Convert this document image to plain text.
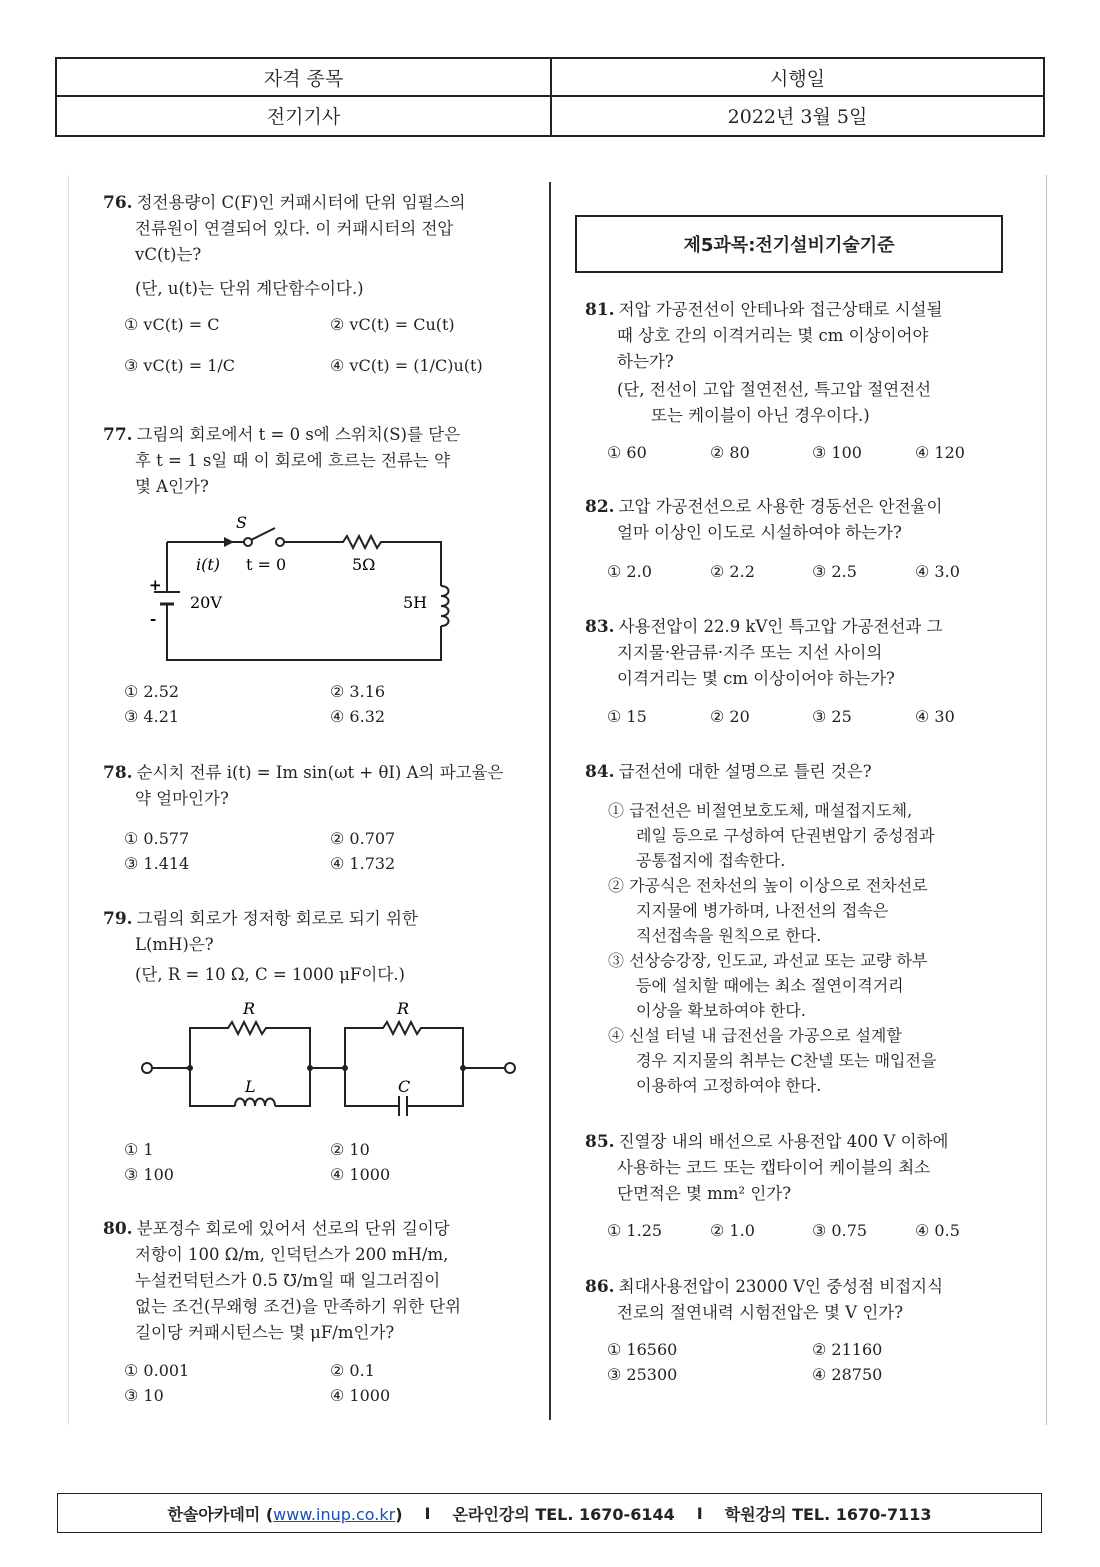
자격 종목	시행일
전기기사	2022년 3월 5일
76. 정전용량이 C(F)인 커패시터에 단위 임펄스의
전류원이 연결되어 있다. 이 커패시터의 전압
vC(t)는?
(단, u(t)는 단위 계단함수이다.)
① vC(t) = C	② vC(t) = Cu(t)
③ vC(t) = 1/C	④ vC(t) = (1/C)u(t)
77. 그림의 회로에서 t = 0 s에 스위치(S)를 닫은
후 t = 1 s일 때 이 회로에 흐르는 전류는 약
몇 A인가?
S
i(t) t = 0	5Ω
20V	5H
+
-
① 2.52	② 3.16
③ 4.21	④ 6.32
78. 순시치 전류 i(t) = Im sin(ωt + θI) A의 파고율은
약 얼마인가?
① 0.577	② 0.707
③ 1.414	④ 1.732
79. 그림의 회로가 정저항 회로로 되기 위한
L(mH)은?
(단, R = 10 Ω, C = 1000 μF이다.)
R	R
L	C
① 1	② 10
③ 100	④ 1000
80. 분포정수 회로에 있어서 선로의 단위 길이당
저항이 100 Ω/m, 인덕턴스가 200 mH/m,
누설컨덕턴스가 0.5 ℧/m일 때 일그러짐이
없는 조건(무왜형 조건)을 만족하기 위한 단위
길이당 커패시턴스는 몇 μF/m인가?
① 0.001	② 0.1
③ 10	④ 1000
제5과목:전기설비기술기준
81. 저압 가공전선이 안테나와 접근상태로 시설될
때 상호 간의 이격거리는 몇 cm 이상이어야
하는가?
(단, 전선이 고압 절연전선, 특고압 절연전선
또는 케이블이 아닌 경우이다.)
① 60	② 80	③ 100	④ 120
82. 고압 가공전선으로 사용한 경동선은 안전율이
얼마 이상인 이도로 시설하여야 하는가?
① 2.0	② 2.2	③ 2.5	④ 3.0
83. 사용전압이 22.9 kV인 특고압 가공전선과 그
지지물·완금류·지주 또는 지선 사이의
이격거리는 몇 cm 이상이어야 하는가?
① 15	② 20	③ 25	④ 30
84. 급전선에 대한 설명으로 틀린 것은?
① 급전선은 비절연보호도체, 매설접지도체,
레일 등으로 구성하여 단권변압기 중성점과
공통접지에 접속한다.
② 가공식은 전차선의 높이 이상으로 전차선로
지지물에 병가하며, 나전선의 접속은
직선접속을 원칙으로 한다.
③ 선상승강장, 인도교, 과선교 또는 교량 하부
등에 설치할 때에는 최소 절연이격거리
이상을 확보하여야 한다.
④ 신설 터널 내 급전선을 가공으로 설계할
경우 지지물의 취부는 C찬넬 또는 매입전을
이용하여 고정하여야 한다.
85. 진열장 내의 배선으로 사용전압 400 V 이하에
사용하는 코드 또는 캡타이어 케이블의 최소
단면적은 몇 mm² 인가?
① 1.25	② 1.0	③ 0.75	④ 0.5
86. 최대사용전압이 23000 V인 중성점 비접지식
전로의 절연내력 시험전압은 몇 V 인가?
① 16560	② 21160
③ 25300	④ 28750
한솔아카데미 (www.inup.co.kr) I 온라인강의 TEL. 1670-6144 I 학원강의 TEL. 1670-7113
